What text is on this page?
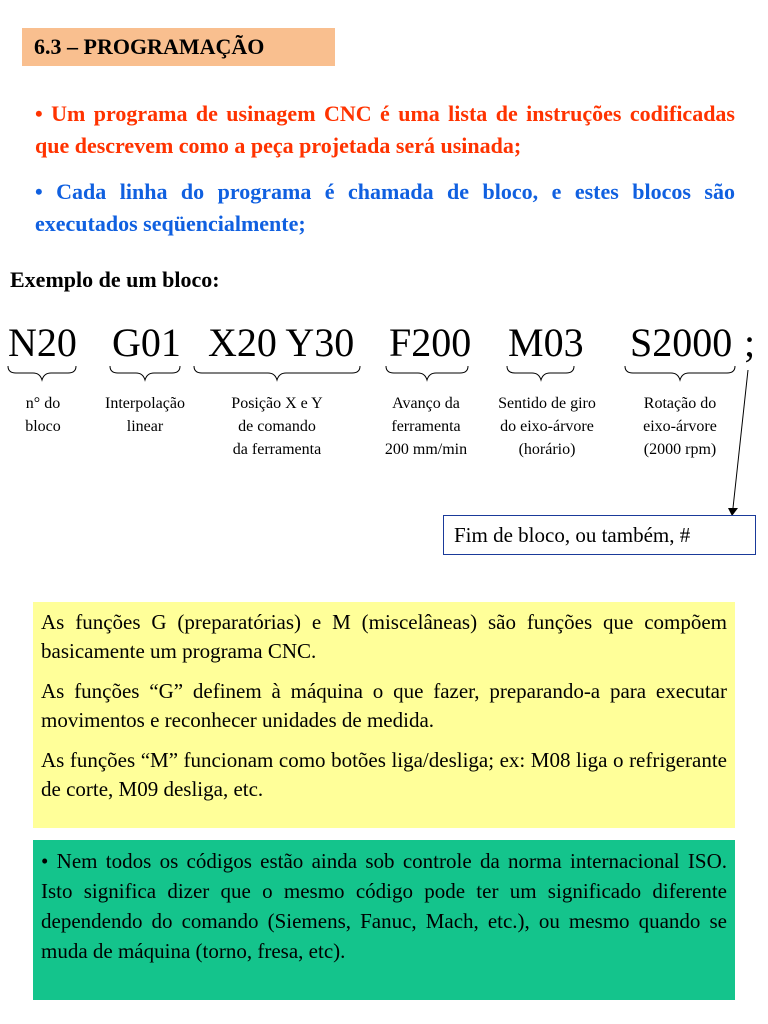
6.3 – PROGRAMAÇÃO
• Um programa de usinagem CNC é uma lista de instruções codificadas que descrevem como a peça projetada será usinada;
• Cada linha do programa é chamada de bloco, e estes blocos são executados seqüencialmente;
Exemplo de um bloco:
N20 G01 X20 Y30 F200 M03 S2000 ;
n° do
bloco
Interpolação
linear
Posição X e Y
de comando
da ferramenta
Avanço da
ferramenta
200 mm/min
Sentido de giro
do eixo-árvore
(horário)
Rotação do
eixo-árvore
(2000 rpm)
Fim de bloco, ou também, #

As funções G (preparatórias) e M (miscelâneas) são funções que compõem basicamente um programa CNC.

As funções “G” definem à máquina o que fazer, preparando-a para executar movimentos e reconhecer unidades de medida.

As funções “M” funcionam como botões liga/desliga; ex: M08 liga o refrigerante de corte, M09 desliga, etc.

• Nem todos os códigos estão ainda sob controle da norma internacional ISO. Isto significa dizer que o mesmo código pode ter um significado diferente dependendo do comando (Siemens, Fanuc, Mach, etc.), ou mesmo quando se muda de máquina (torno, fresa, etc).
